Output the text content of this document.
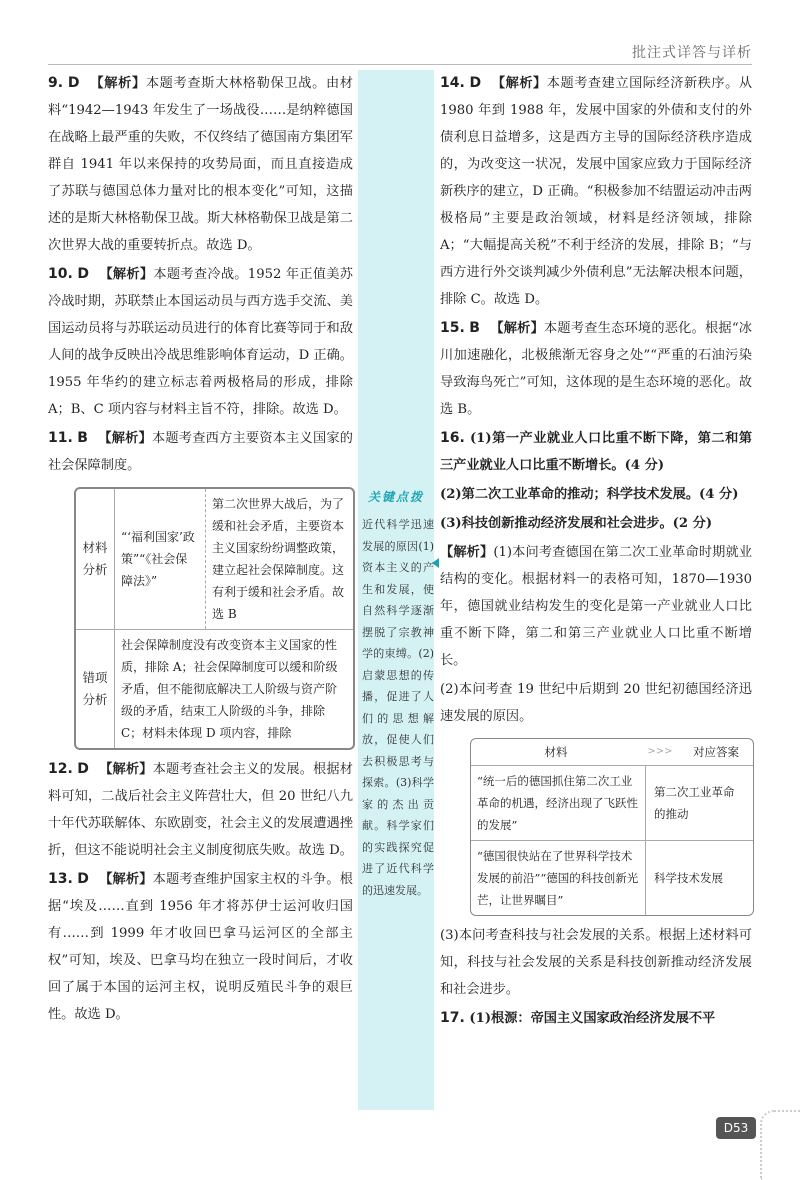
批注式详答与详析

9. D 【解析】本题考查斯大林格勒保卫战。由材料“1942—1943 年发生了一场战役……是纳粹德国在战略上最严重的失败，不仅终结了德国南方集团军群自 1941 年以来保持的攻势局面，而且直接造成了苏联与德国总体力量对比的根本变化”可知，这描述的是斯大林格勒保卫战。斯大林格勒保卫战是第二次世界大战的重要转折点。故选 D。

10. D 【解析】本题考查冷战。1952 年正值美苏冷战时期，苏联禁止本国运动员与西方选手交流、美国运动员将与苏联运动员进行的体育比赛等同于和敌人间的战争反映出冷战思维影响体育运动，D 正确。1955 年华约的建立标志着两极格局的形成，排除 A；B、C 项内容与材料主旨不符，排除。故选 D。

11. B 【解析】本题考查西方主要资本主义国家的社会保障制度。

材料分析
“‘福利国家’政策”“《社会保障法》”
第二次世界大战后，为了缓和社会矛盾，主要资本主义国家纷纷调整政策，建立起社会保障制度。这有利于缓和社会矛盾。故选 B
错项分析
社会保障制度没有改变资本主义国家的性质，排除 A；社会保障制度可以缓和阶级矛盾，但不能彻底解决工人阶级与资产阶级的矛盾，结束工人阶级的斗争，排除 C；材料未体现 D 项内容，排除

12. D 【解析】本题考查社会主义的发展。根据材料可知，二战后社会主义阵营壮大，但 20 世纪八九十年代苏联解体、东欧剧变，社会主义的发展遭遇挫折，但这不能说明社会主义制度彻底失败。故选 D。

13. D 【解析】本题考查维护国家主权的斗争。根据“埃及……直到 1956 年才将苏伊士运河收归国有……到 1999 年才收回巴拿马运河区的全部主权”可知，埃及、巴拿马均在独立一段时间后，才收回了属于本国的运河主权，说明反殖民斗争的艰巨性。故选 D。

关键点拨
近代科学迅速发展的原因(1)资本主义的产生和发展，使自然科学逐渐摆脱了宗教神学的束缚。(2)启蒙思想的传播，促进了人们的思想解放，促使人们去积极思考与探索。(3)科学家的杰出贡献。科学家们的实践探究促进了近代科学的迅速发展。

14. D 【解析】本题考查建立国际经济新秩序。从 1980 年到 1988 年，发展中国家的外债和支付的外债利息日益增多，这是西方主导的国际经济秩序造成的，为改变这一状况，发展中国家应致力于国际经济新秩序的建立，D 正确。“积极参加不结盟运动冲击两极格局”主要是政治领域，材料是经济领域，排除 A；“大幅提高关税”不利于经济的发展，排除 B；“与西方进行外交谈判减少外债利息”无法解决根本问题，排除 C。故选 D。

15. B 【解析】本题考查生态环境的恶化。根据“冰川加速融化，北极熊渐无容身之处”“严重的石油污染导致海鸟死亡”可知，这体现的是生态环境的恶化。故选 B。

16. (1)第一产业就业人口比重不断下降，第二和第三产业就业人口比重不断增长。(4 分)

(2)第二次工业革命的推动；科学技术发展。(4 分)

(3)科技创新推动经济发展和社会进步。(2 分)

【解析】(1)本问考查德国在第二次工业革命时期就业结构的变化。根据材料一的表格可知，1870—1930 年，德国就业结构发生的变化是第一产业就业人口比重不断下降，第二和第三产业就业人口比重不断增长。

(2)本问考查 19 世纪中后期到 20 世纪初德国经济迅速发展的原因。

材料	>>>	对应答案
“统一后的德国抓住第二次工业革命的机遇，经济出现了飞跃性的发展”
第二次工业革命的推动
“德国很快站在了世界科学技术发展的前沿”“德国的科技创新光芒，让世界瞩目”
科学技术发展

(3)本问考查科技与社会发展的关系。根据上述材料可知，科技与社会发展的关系是科技创新推动经济发展和社会进步。

17. (1)根源：帝国主义国家政治经济发展不平

D53
